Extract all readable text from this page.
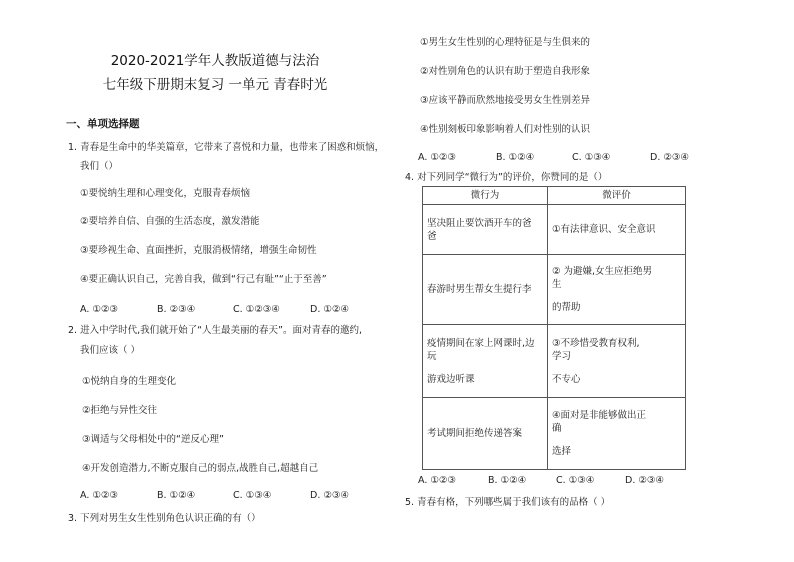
2020-2021学年人教版道德与法治
七年级下册期末复习 一单元 青春时光
一、单项选择题
1. 青春是生命中的华美篇章，它带来了喜悦和力量，也带来了困惑和烦恼，
我们（）
①要悦纳生理和心理变化，克服青春烦恼
②要培养自信、自强的生活态度，激发潜能
③要珍视生命、直面挫折，克服消极情绪，增强生命韧性
④要正确认识自己，完善自我，做到“行己有耻”“止于至善”
A. ①②③	B. ②③④	C. ①②③④	D. ①②④
2. 进入中学时代,我们就开始了“人生最美丽的春天”。面对青春的邀约,
我们应该（ ）
①悦纳自身的生理变化
②拒绝与异性交往
③调适与父母相处中的“逆反心理”
④开发创造潜力,不断克服自己的弱点,战胜自己,超越自己
A. ①②③	B. ①②④	C. ①③④	D. ②③④
3. 下列对男生女生性别角色认识正确的有（）
①男生女生性别的心理特征是与生俱来的
②对性别角色的认识有助于塑造自我形象
③应该平静而欣然地接受男女生性别差异
④性别刻板印象影响着人们对性别的认识
A. ①②③	B. ①②④	C. ①③④	D. ②③④
4. 对下列同学“微行为”的评价，你赞同的是（）
微行为	微评价

坚决阻止要饮酒开车的爸
爸	①有法律意识、安全意识

春游时男生帮女生提行李	② 为避嫌,女生应拒绝男
生
的帮助

疫情期间在家上网课时,边
玩
游戏边听课	③不珍惜受教育权利,
学习
不专心

考试期间拒绝传递答案	④面对是非能够做出正
确
选择
A. ①②③	B. ①②④	C. ①③④	D. ②③④
5. 青春有格，下列哪些属于我们该有的品格（ ）
